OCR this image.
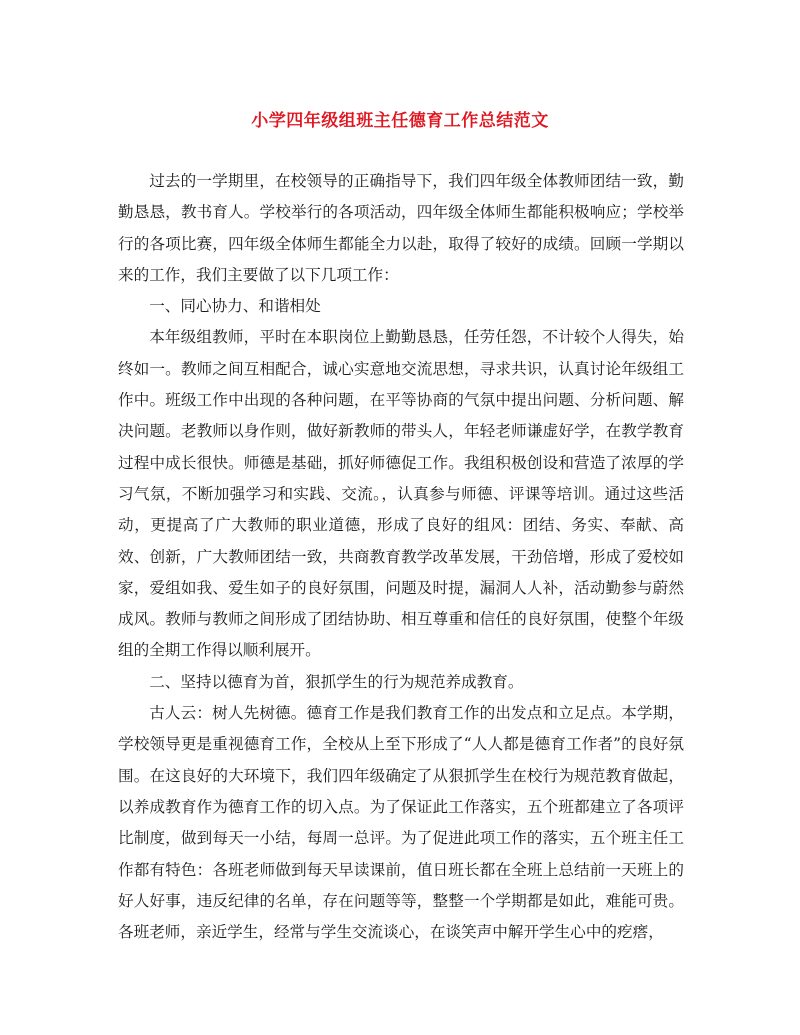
小学四年级组班主任德育工作总结范文

过去的一学期里，在校领导的正确指导下，我们四年级全体教师团结一致，勤勤恳恳，教书育人。学校举行的各项活动，四年级全体师生都能积极响应；学校举行的各项比赛，四年级全体师生都能全力以赴，取得了较好的成绩。回顾一学期以来的工作，我们主要做了以下几项工作：

一、同心协力、和谐相处

本年级组教师，平时在本职岗位上勤勤恳恳，任劳任怨，不计较个人得失，始终如一。教师之间互相配合，诚心实意地交流思想，寻求共识，认真讨论年级组工作中。班级工作中出现的各种问题，在平等协商的气氛中提出问题、分析问题、解决问题。老教师以身作则，做好新教师的带头人，年轻老师谦虚好学，在教学教育过程中成长很快。师德是基础，抓好师德促工作。我组积极创设和营造了浓厚的学习气氛，不断加强学习和实践、交流。，认真参与师德、评课等培训。通过这些活动，更提高了广大教师的职业道德，形成了良好的组风：团结、务实、奉献、高效、创新，广大教师团结一致，共商教育教学改革发展，干劲倍增，形成了爱校如家，爱组如我、爱生如子的良好氛围，问题及时提，漏洞人人补，活动勤参与蔚然成风。教师与教师之间形成了团结协助、相互尊重和信任的良好氛围，使整个年级组的全期工作得以顺利展开。

二、坚持以德育为首，狠抓学生的行为规范养成教育。

古人云：树人先树德。德育工作是我们教育工作的出发点和立足点。本学期，学校领导更是重视德育工作，全校从上至下形成了“人人都是德育工作者”的良好氛围。在这良好的大环境下，我们四年级确定了从狠抓学生在校行为规范教育做起，以养成教育作为德育工作的切入点。为了保证此工作落实，五个班都建立了各项评比制度，做到每天一小结，每周一总评。为了促进此项工作的落实，五个班主任工作都有特色：各班老师做到每天早读课前，值日班长都在全班上总结前一天班上的好人好事，违反纪律的名单，存在问题等等，整整一个学期都是如此，难能可贵。各班老师，亲近学生，经常与学生交流谈心，在谈笑声中解开学生心中的疙瘩，
